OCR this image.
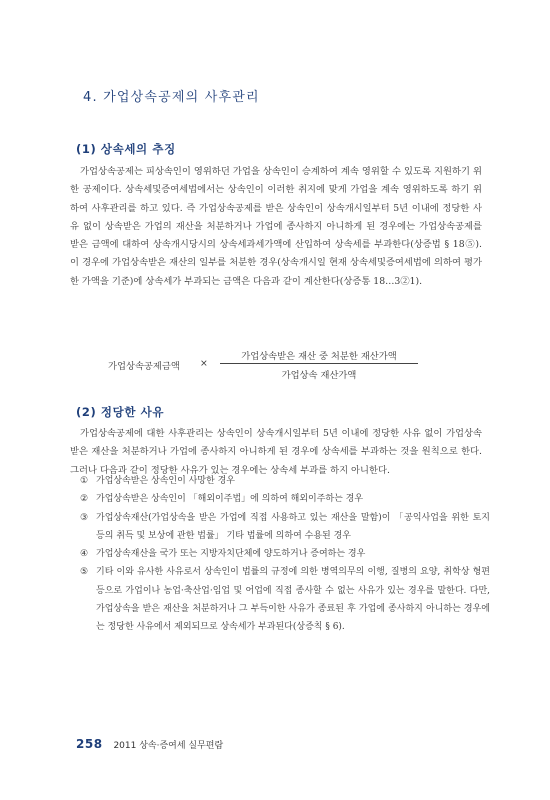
4. 가업상속공제의 사후관리
(1) 상속세의 추징

가업상속공제는 피상속인이 영위하던 가업을 상속인이 승계하여 계속 영위할 수 있도록 지원하기 위한 공제이다. 상속세및증여세법에서는 상속인이 이러한 취지에 맞게 가업을 계속 영위하도록 하기 위하여 사후관리를 하고 있다. 즉 가업상속공제를 받은 상속인이 상속개시일부터 5년 이내에 정당한 사유 없이 상속받은 가업의 재산을 처분하거나 가업에 종사하지 아니하게 된 경우에는 가업상속공제를 받은 금액에 대하여 상속개시당시의 상속세과세가액에 산입하여 상속세를 부과한다(상증법 § 18⑤). 이 경우에 가업상속받은 재산의 일부를 처분한 경우(상속개시일 현재 상속세및증여세법에 의하여 평가한 가액을 기준)에 상속세가 부과되는 금액은 다음과 같이 계산한다(상증통 18…3②1).

가업상속공제금액 ×
가업상속받은 재산 중 처분한 재산가액
가업상속 재산가액
(2) 정당한 사유

가업상속공제에 대한 사후관리는 상속인이 상속개시일부터 5년 이내에 정당한 사유 없이 가업상속받은 재산을 처분하거나 가업에 종사하지 아니하게 된 경우에 상속세를 부과하는 것을 원칙으로 한다. 그러나 다음과 같이 정당한 사유가 있는 경우에는 상속세 부과를 하지 아니한다.

① 가업상속받은 상속인이 사망한 경우
② 가업상속받은 상속인이 「해외이주법」에 의하여 해외이주하는 경우
③ 가업상속재산(가업상속을 받은 가업에 직접 사용하고 있는 재산을 말함)이 「공익사업을 위한 토지 등의 취득 및 보상에 관한 법률」 기타 법률에 의하여 수용된 경우
④ 가업상속재산을 국가 또는 지방자치단체에 양도하거나 증여하는 경우
⑤ 기타 이와 유사한 사유로서 상속인이 법률의 규정에 의한 병역의무의 이행, 질병의 요양, 취학상 형편 등으로 가업이나 농업·축산업·임업 및 어업에 직접 종사할 수 없는 사유가 있는 경우를 말한다. 다만, 가업상속을 받은 재산을 처분하거나 그 부득이한 사유가 종료된 후 가업에 종사하지 아니하는 경우에는 정당한 사유에서 제외되므로 상속세가 부과된다(상증칙 § 6).
258 2011 상속·증여세 실무편람
